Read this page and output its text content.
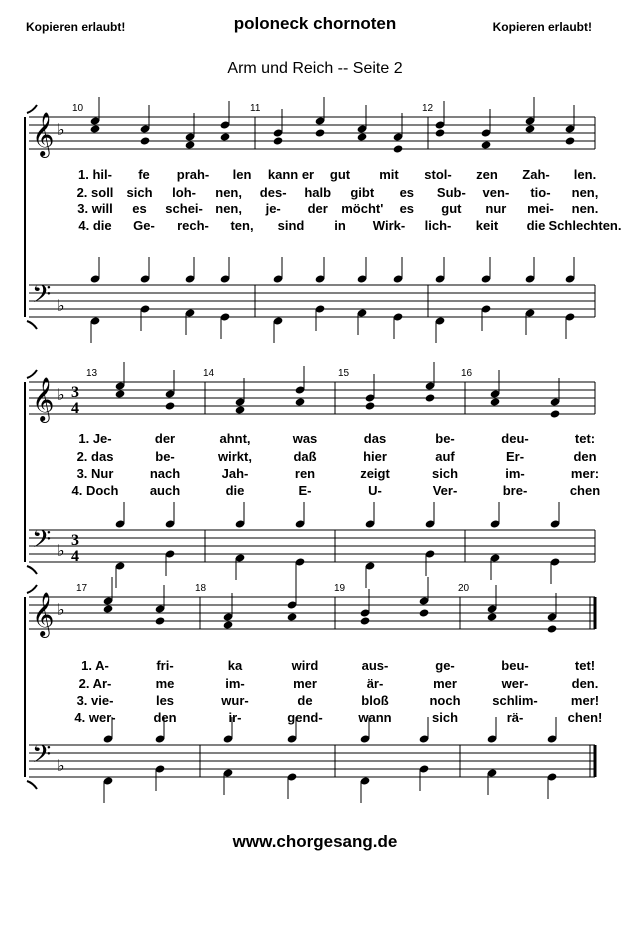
Kopieren erlaubt!	poloneck chornoten	Kopieren erlaubt!
Arm und Reich -- Seite 2
𝄞 ♭
𝄢 ♭
10	11	12
𝄞 ♭ 3
4
𝄢 ♭
3
4
13	14	15	16
𝄞 ♭
𝄢 ♭
17	18	19	20
1. hil- fe prah- len kann er gut mit stol- zen Zah- len.
2. soll sich loh- nen, des- halb gibt es Sub- ven- tio- nen,
3. will es schei- nen, je- der möcht' es gut nur mei- nen.
4. die Ge- rech- ten, sind in Wirk- lich- keit die Schlechten.
1. Je-	der	ahnt,	was	das	be-	deu-	tet:
2. das	be-	wirkt,	daß	hier	auf	Er-	den
3. Nur	nach	Jah-	ren	zeigt	sich	im-	mer:
4. Doch auch	die	E-	U-	Ver-	bre-	chen
1. A-	fri-	ka	wird	aus-	ge-	beu-	tet!
2. Ar-	me	im-	mer	är-	mer	wer-	den.
3. vie-	les	wur-	de	bloß	noch schlim-	mer!
4. wer-	den	ir-	gend-	wann	sich	rä-	chen!
www.chorgesang.de
